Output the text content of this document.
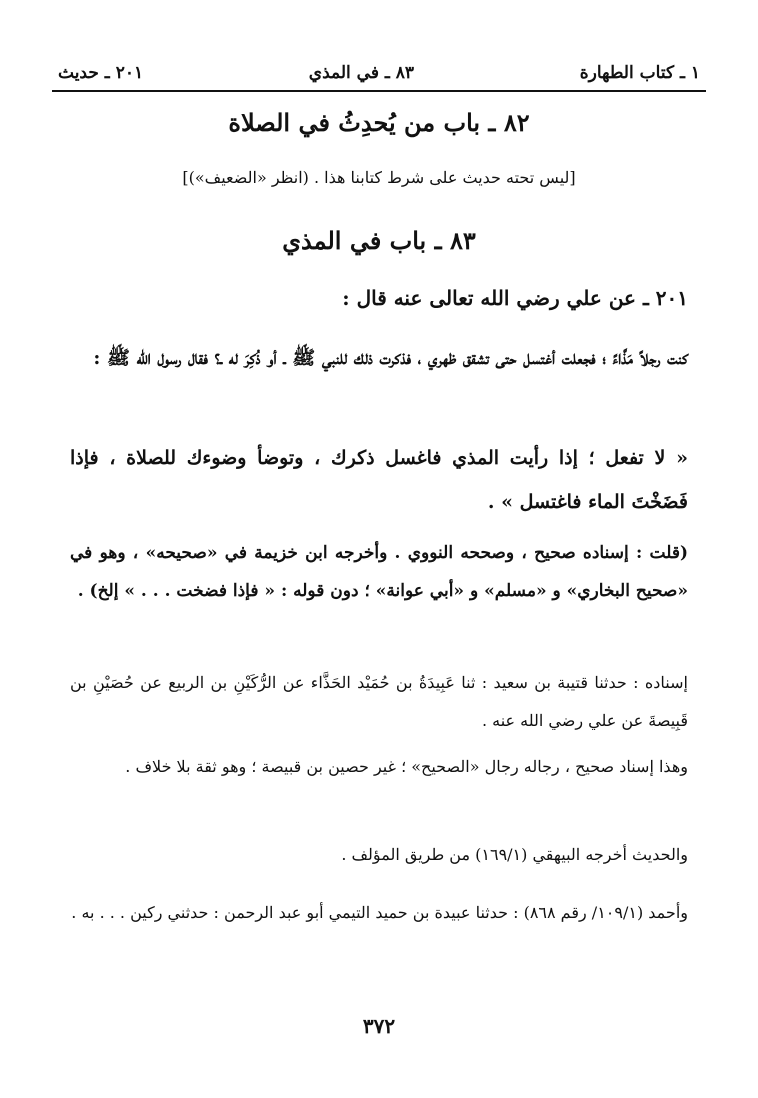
١ ـ كتاب الطهارة
٨٣ ـ في المذي
٢٠١ ـ حديث
٨٢ ـ باب من يُحدِثُ في الصلاة
[ليس تحته حديث على شرط كتابنا هذا . (انظر «الضعيف»)]
٨٣ ـ باب في المذي
٢٠١ ـ عن علي رضي الله تعالى عنه قال :
كنت رجلاً مَذَّاءً ؛ فجعلت أغتسل حتى تشقق ظهري ، فذكرت ذلك للنبي ﷺ ـ أو ذُكِرَ له ـ؟ فقال رسول الله ﷺ :
« لا تفعل ؛ إذا رأيت المذي فاغسل ذكرك ، وتوضأ وضوءك للصلاة ، فإذا فَضَخْتَ الماء فاغتسل » .
(قلت : إسناده صحيح ، وصححه النووي . وأخرجه ابن خزيمة في «صحيحه» ، وهو في «صحيح البخاري» و «مسلم» و «أبي عوانة» ؛ دون قوله : « فإذا فضخت . . . » إلخ) .
إسناده : حدثنا قتيبة بن سعيد : ثنا عَبِيدَةُ بن حُمَيْد الحَذَّاء عن الرُّكَيْنِ بن الربيع عن حُصَيْنِ بن قَبِيصةَ عن علي رضي الله عنه .
وهذا إسناد صحيح ، رجاله رجال «الصحيح» ؛ غير حصين بن قبيصة ؛ وهو ثقة بلا خلاف .
والحديث أخرجه البيهقي (١٦٩/١) من طريق المؤلف .
وأحمد (١٠٩/١/ رقم ٨٦٨) : حدثنا عبيدة بن حميد التيمي أبو عبد الرحمن : حدثني ركين . . . به .
٣٧٢
